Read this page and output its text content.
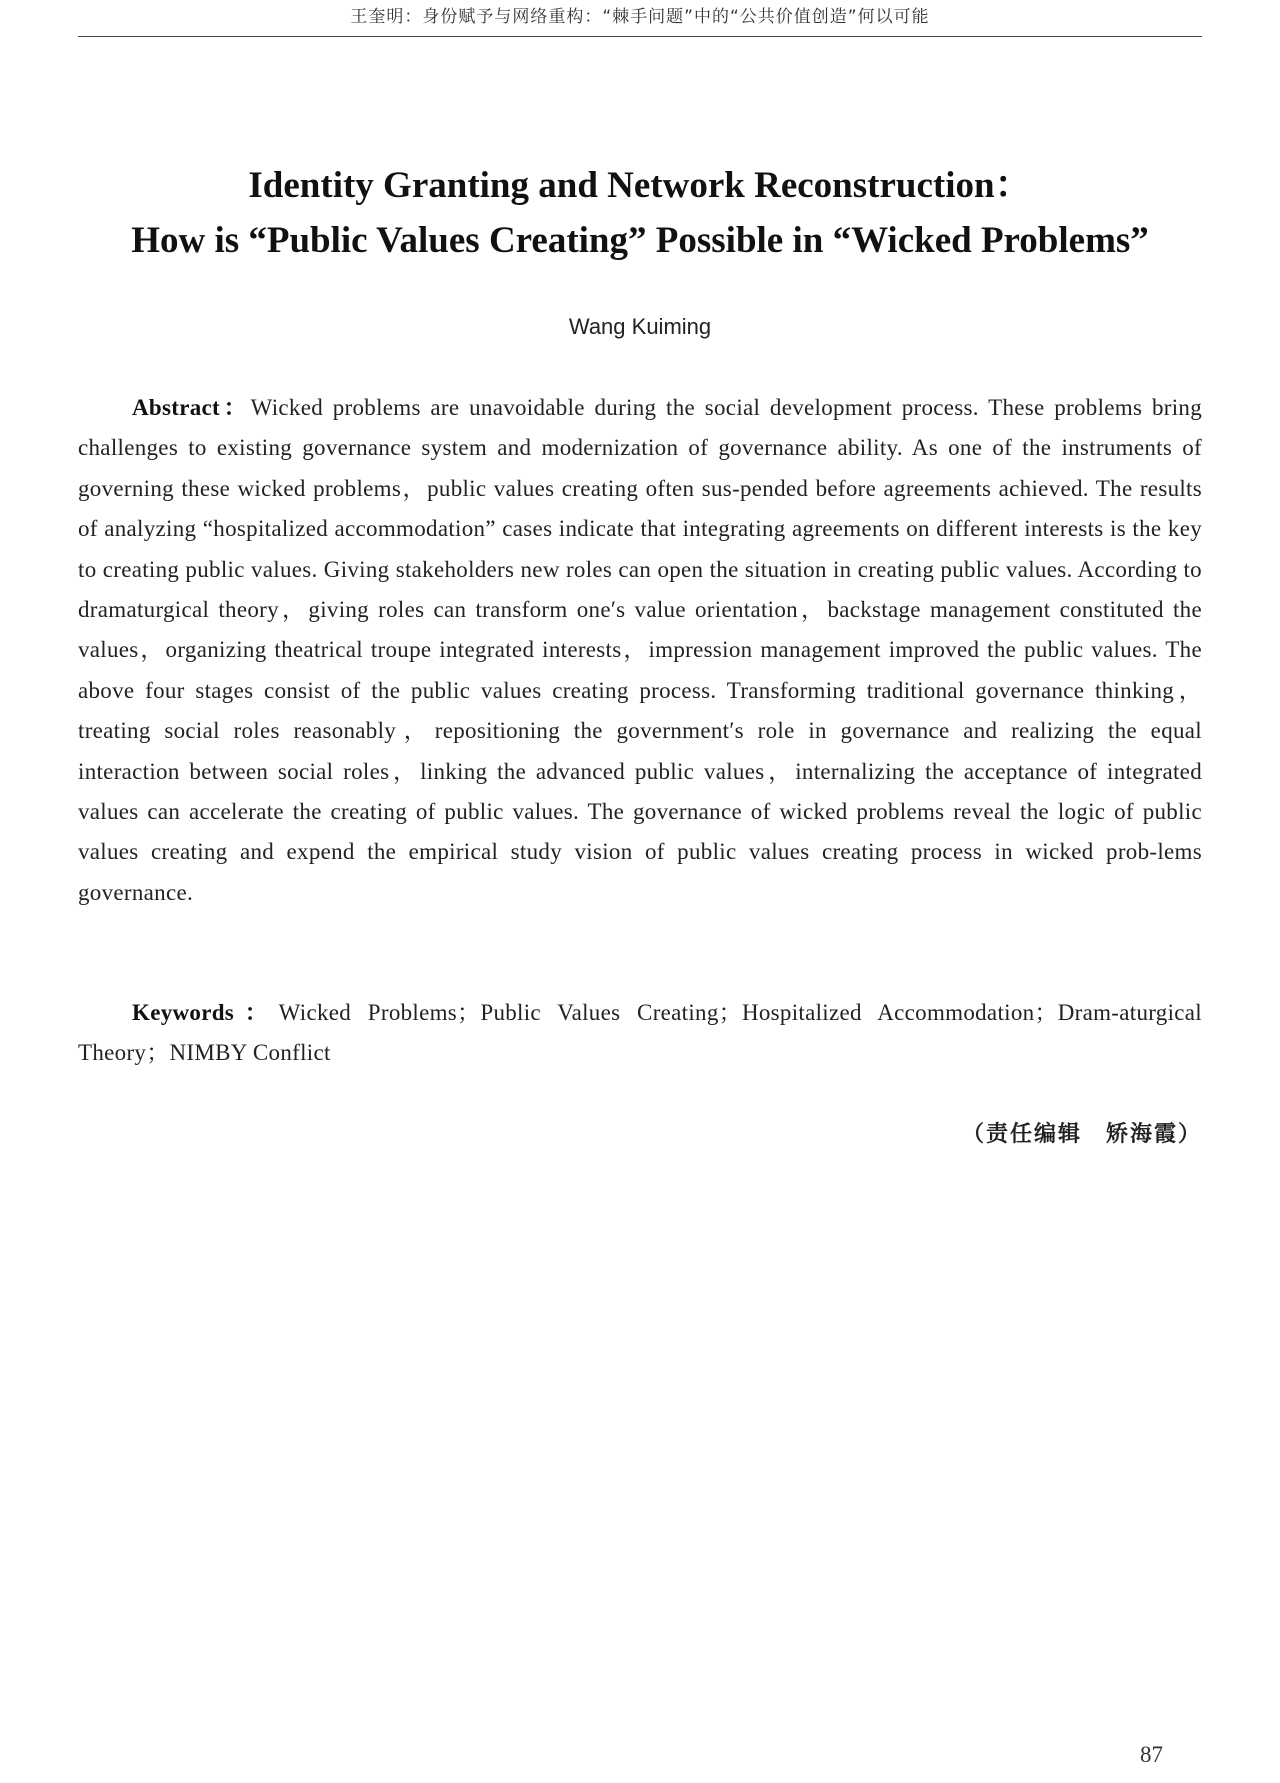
王奎明：身份赋予与网络重构：“棘手问题”中的“公共价值创造”何以可能
Identity Granting and Network Reconstruction：
How is “Public Values Creating” Possible in “Wicked Problems”
Wang Kuiming

Abstract：Wicked problems are unavoidable during the social development process. These problems bring challenges to existing governance system and modernization of governance ability. As one of the instruments of governing these wicked problems，public values creating often sus-pended before agreements achieved. The results of analyzing “hospitalized accommodation” cases indicate that integrating agreements on different interests is the key to creating public values. Giving stakeholders new roles can open the situation in creating public values. According to dramaturgical theory，giving roles can transform one′s value orientation，backstage management constituted the values，organizing theatrical troupe integrated interests，impression management improved the public values. The above four stages consist of the public values creating process. Transforming traditional governance thinking，treating social roles reasonably，repositioning the government′s role in governance and realizing the equal interaction between social roles，linking the advanced public values，internalizing the acceptance of integrated values can accelerate the creating of public values. The governance of wicked problems reveal the logic of public values creating and expend the empirical study vision of public values creating process in wicked prob-lems governance.

Keywords：Wicked Problems；Public Values Creating；Hospitalized Accommodation；Dram-aturgical Theory；NIMBY Conflict

（责任编辑　矫海霞）
87
